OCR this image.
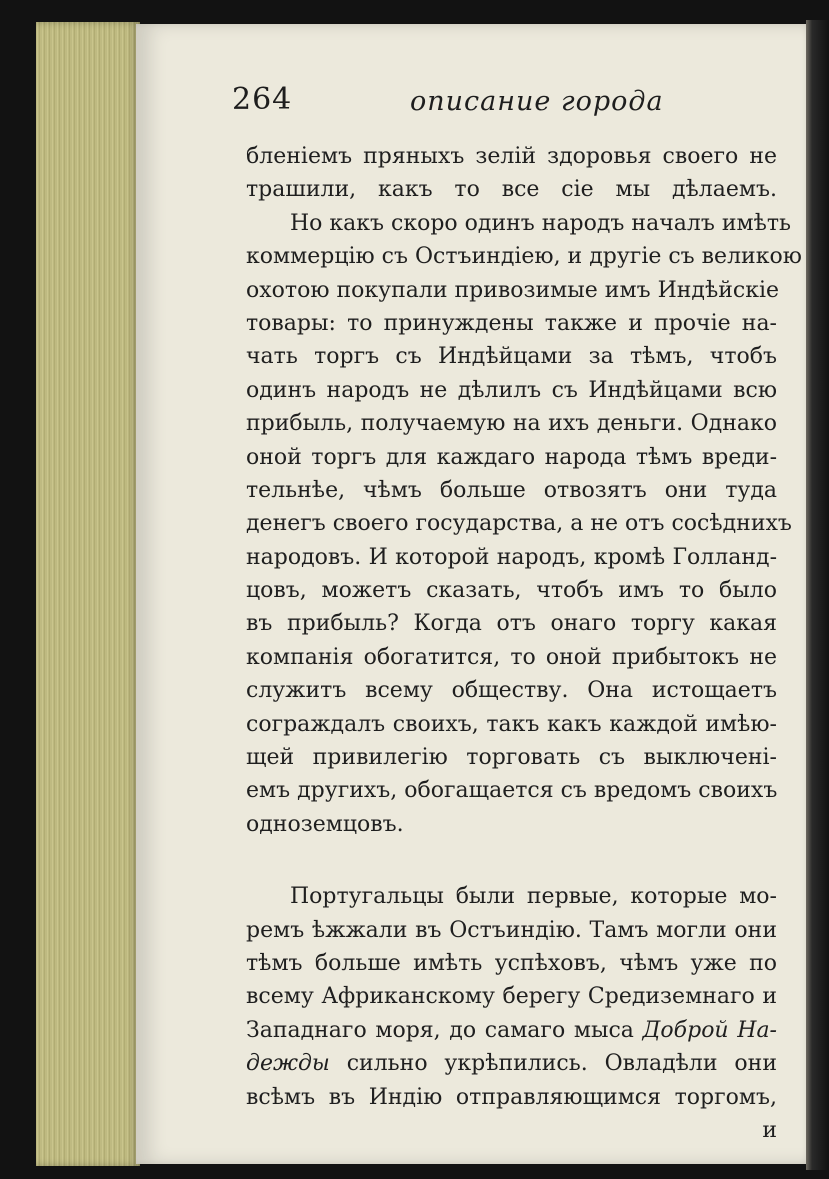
264	описание города
бленіемъ пряныхъ зелій здоровья своего не
трашили, какъ то все сіе мы дѣлаемъ.
Но какъ скоро одинъ народъ началъ имѣть
коммерцію съ Остъиндіею, и другіе съ великою
охотою покупали привозимые имъ Индѣйскіе
товары: то принуждены также и прочіе на-
чать торгъ съ Индѣйцами за тѣмъ, чтобъ
одинъ народъ не дѣлилъ съ Индѣйцами всю
прибыль, получаемую на ихъ деньги. Однако
оной торгъ для каждаго народа тѣмъ вреди-
тельнѣе, чѣмъ больше отвозятъ они туда
денегъ своего государства, а не отъ сосѣднихъ
народовъ. И которой народъ, кромѣ Голланд-
цовъ, можетъ сказать, чтобъ имъ то было
въ прибыль? Когда отъ онаго торгу какая
компанія обогатится, то оной прибытокъ не
служитъ всему обществу. Она истощаетъ
сограждалъ своихъ, такъ какъ каждой имѣю-
щей привилегію торговать съ выключені-
емъ другихъ, обогащается съ вредомъ своихъ
одноземцовъ.
Португальцы были первые, которые мо-
ремъ ѣжжали въ Остъиндію. Тамъ могли они
тѣмъ больше имѣть успѣховъ, чѣмъ уже по
всему Африканскому берегу Средиземнаго и
Западнаго моря, до самаго мыса Доброй На-
дежды сильно укрѣпились. Овладѣли они
всѣмъ въ Индію отправляющимся торгомъ,
и
